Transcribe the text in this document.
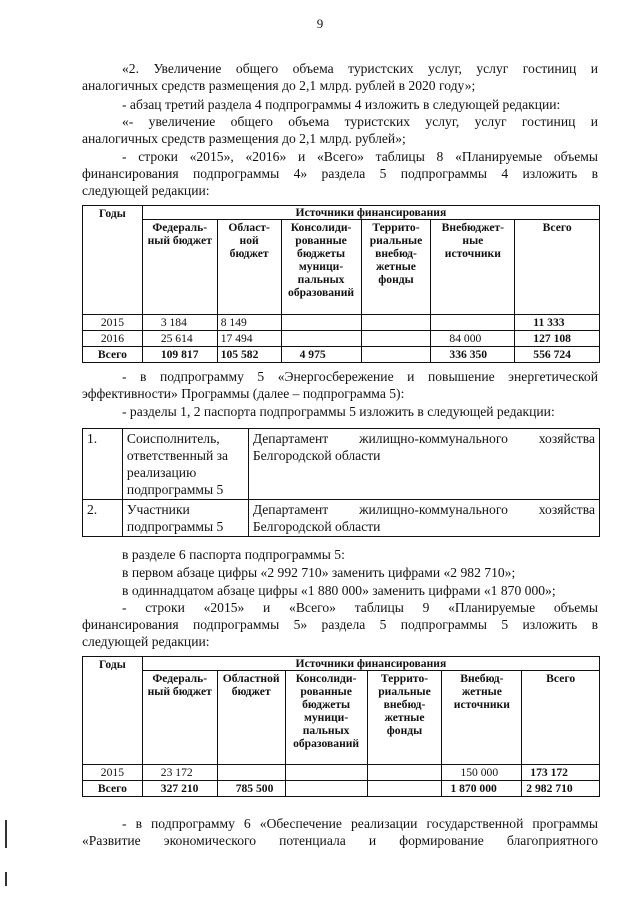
9

«2. Увеличение общего объема туристских услуг, услуг гостиниц и

аналогичных средств размещения до 2,1 млрд. рублей в 2020 году»;

- абзац третий раздела 4 подпрограммы 4 изложить в следующей редакции:

«- увеличение общего объема туристских услуг, услуг гостиниц и

аналогичных средств размещения до 2,1 млрд. рублей»;

- строки «2015», «2016» и «Всего» таблицы 8 «Планируемые объемы

финансирования подпрограммы 4» раздела 5 подпрограммы 4 изложить в

следующей редакции:

Годы	Источники финансирования					
	Федераль-ный бюджет	Област-ной бюджет	Консолиди-рованные бюджеты муници-пальных образований	Террито-риальные внебюд-жетные фонды	Внебюджет-ные источники	Всего
2015	3 184	8 149				11 333
2016	25 614	17 494			84 000	127 108
Всего	109 817	105 582	4 975		336 350	556 724

- в подпрограмму 5 «Энергосбережение и повышение энергетической

эффективности» Программы (далее – подпрограмма 5):

- разделы 1, 2 паспорта подпрограммы 5 изложить в следующей редакции:

1.	Соисполнитель, ответственный за реализацию подпрограммы 5	Департамент жилищно-коммунального хозяйства Белгородской области
2.	Участники подпрограммы 5	Департамент жилищно-коммунального хозяйства Белгородской области

в разделе 6 паспорта подпрограммы 5:

в первом абзаце цифры «2 992 710» заменить цифрами «2 982 710»;

в одиннадцатом абзаце цифры «1 880 000» заменить цифрами «1 870 000»;

- строки «2015» и «Всего» таблицы 9 «Планируемые объемы

финансирования подпрограммы 5» раздела 5 подпрограммы 5 изложить в

следующей редакции:

Годы	Источники финансирования					
	Федераль-ный бюджет	Областной бюджет	Консолиди-рованные бюджеты муници-пальных образований	Террито-риальные внебюд-жетные фонды	Внебюд-жетные источники	Всего
2015	23 172				150 000	173 172
Всего	327 210	785 500			1 870 000	2 982 710

- в подпрограмму 6 «Обеспечение реализации государственной программы

«Развитие экономического потенциала и формирование благоприятного
